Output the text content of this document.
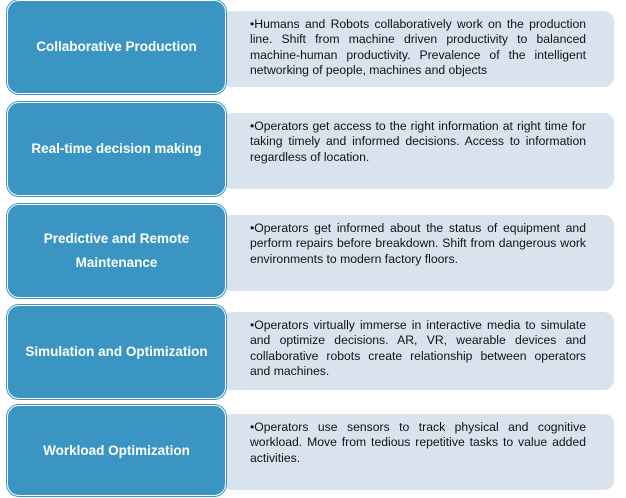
Collaborative Production
•Humans and Robots collaboratively work on the production line. Shift from machine driven productivity to balanced machine-human productivity. Prevalence of the intelligent networking of people, machines and objects
Real-time decision making
•Operators get access to the right information at right time for taking timely and informed decisions. Access to information regardless of location.
Predictive and Remote Maintenance
•Operators get informed about the status of equipment and perform repairs before breakdown. Shift from dangerous work environments to modern factory floors.
Simulation and Optimization
•Operators virtually immerse in interactive media to simulate and optimize decisions. AR, VR, wearable devices and collaborative robots create relationship between operators and machines.
Workload Optimization
•Operators use sensors to track physical and cognitive workload. Move from tedious repetitive tasks to value added activities.
